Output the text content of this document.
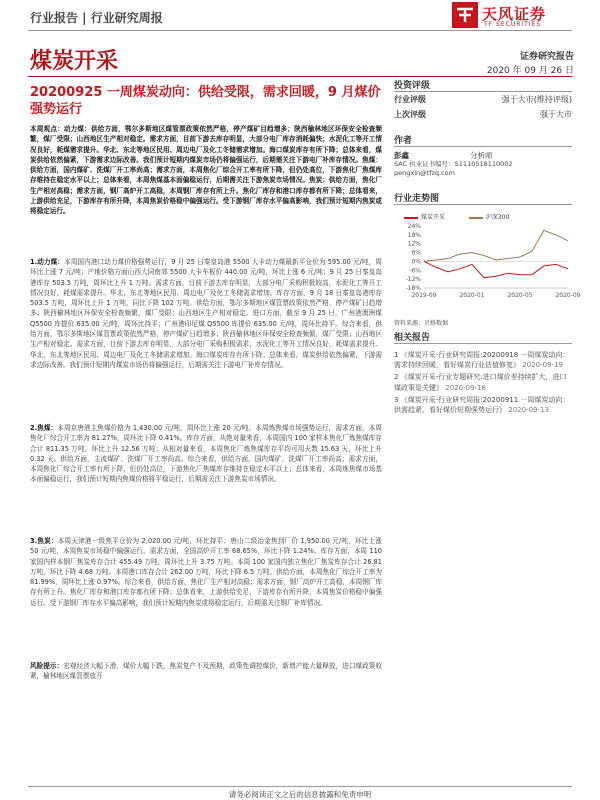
行业报告 | 行业研究周报	天风证券
TF SECURITIES
煤炭开采	证券研究报告
2020 年 09 月 26 日
20200925 一周煤炭动向：供给受限，需求回暖，9 月煤价强势运行
本周观点：动力煤：供给方面，鄂尔多斯地区煤管票政策依然严格，停产煤矿目趋增多；陕西榆林地区环保安全检查频繁，煤厂受限；山西地区生产相对稳定。需求方面，目前下游去库存明显，大部分电厂库存消耗偏快；水泥化工等开工情况良好，耗煤需求提升。华北、东北等地区民用、周边电厂及化工冬储需求增加。海口煤炭库存有所下降；总体来看，煤炭供给依然偏紧，下游需求边际改善。我们预计短期内煤炭市场仍将偏强运行，后期需关注下游电厂补库存情况。焦煤：供给方面，国内煤矿、洗煤厂开工率尚高；需求方面，本周焦化厂综合开工率有所下降，但仍处高位，下游焦化厂焦煤库存维持在稳定水平以上；总体来看，本周焦煤基本面偏稳运行，后期需关注下游焦炭市场情况。焦炭：供给方面，焦化厂生产相对高稳；需求方面，钢厂高炉开工高稳，本周钢厂库存有所上升。焦化厂库存和港口库存都有所下降；总体看来，上游供给充足，下游库存有所升降，本周焦炭价格稳中偏强运行。受下游钢厂库存水平偏高影响，我们预计短期内焦炭或将稳定运行。
1.动力煤：本周国内港口动力煤价格强势运行，9 月 25 日秦皇岛港 5500 大卡动力煤最新平仓价为 595.00 元/吨，周环比上涨 7 元/吨；产地价格方面山西大同南郊 5500 大卡车板价 440.00 元/吨，环比上涨 6 元/吨；9 月 25 日秦皇岛港库存 503.5 万吨，周环比上升 1 万吨。需求方面，目前下游去库存明显，大部分电厂采购积极较高，水泥化工等开工情况良好，耗煤需求提升。华北、东北等地区民用、周边电厂及化工冬储需求增加。库存方面，9 月 18 日秦皇岛港库存 503.5 万吨，周环比上升 1 万吨，同比下降 102 万吨。供给方面，鄂尔多斯地区煤管票政策依然严格，停产煤矿日趋增多；陕西榆林地区环保安全检查频繁，煤厂受限；山西地区生产相对稳定。进口方面，截至 9 月 25 日，广州港澳洲煤 Q5500 库提价 635.00 元/吨，周环比持平；广州港印尼煤 Q5500 库提价 635.00 元/吨，周环比持平。综合来看，供给方面，鄂尔多斯地区煤管票政策依然严格，停产煤矿日趋增多；陕西榆林地区环保安全检查频繁，煤厂受限；山西地区生产相对稳定。需求方面，目前下游去库存明显，大部分电厂采购积极需求，水泥化工等开工情况良好，耗煤需求提升。华北、东北等地区民用、周边电厂及化工冬储需求增加。海口煤炭库存有所下降；总体来看，煤炭供给依然偏紧，下游需求边际改善。我们预计短期内煤炭市场仍将偏强运行，后期需关注下游电厂补库存情况。
2.焦煤：本周京唐港主焦煤价格为 1,430.00 元/吨，周环比上涨 20 元/吨。本周炼焦煤市场强势运行，需求方面，本周焦化厂综合开工率为 81.27%，周环比下降 0.41%。库存方面，从绝对量来看，本周国内 100 家样本焦化厂炼焦煤库存合计 811.35 万吨，环比上升 12.56 万吨；从相对量来看，本周焦化厂炼焦煤库存平均可用天数 15.63 天，环比上升 0.32 天。供给方面，主流煤矿、洗煤厂开工率尚高。综合来看，供给方面，国内煤矿、洗煤厂开工率尚高；需求方面，本周焦化厂综合开工率有所下降，但仍处高位，下游焦化厂焦煤库存维持在稳定水平以上；总体来看，本周炼焦煤市场基本面偏稳运行，我们预计短期内焦煤价格将平稳运行，后期需关注下游焦炭市场情况。
3.焦炭：本周天津港一级焦平仓价为 2,020.00 元/吨，环比持平；唐山二级冶金焦到厂价 1,950.00 元/吨，环比上涨 50 元/吨，本周焦炭市场稳中偏强运行。需求方面，全国高炉开工率 68.65%，环比下降 1.24%。库存方面，本周 110 家国内样本钢厂焦炭库存合计 455.49 万吨，周环比上升 3.75 万吨。本周 100 家国内独立焦化厂焦炭库存合计 26.81 万吨，环比下降 4.68 万吨。本周港口库存合计 262.00 万吨，环比下降 6.5 万吨。供给方面，本周焦化厂综合开工率为 81.99%，周环比上涨 0.97%。综合来看，供给方面，焦化厂生产相对高稳；需求方面，钢厂高炉开工高稳，本周钢厂库存有所上升。焦化厂库存和港口库存都有所下降；总体看来，上游供给充足，下游库存有所升降，本周焦炭价格稳中偏强运行。受下游钢厂库存水平偏高影响，我们预计短期内焦炭或将稳定运行，后期需关注钢厂补库情况。
风险提示：宏观经济大幅下滑，煤价大幅下跌，焦炭复产不及预期，政策性调控煤价，新增产能大量释放，进口煤政策收紧，榆林地区煤管票放开
投资评级
行业评级	强于大市(维持评级)
上次评级	强于大市
作者
彭鑫	分析师
SAC 执业证书编号：S1110518110002
pengxin@tfzq.com
行业走势图
煤炭开采	沪深300
-18%
-12%
-6%
0%
6%
12%
18%
24%
2019-09	2020-01	2020-05	2020-09
资料来源：贝格数据
相关报告
1 《煤炭开采-行业研究周报:20200918 一周煤炭动向：需求持续回暖，看好煤炭行业估值修复》 2020-09-19
2 《煤炭开采-行业专题研究:进口煤价差持续扩大，进口煤政策是关键》 2020-09-18
3 《煤炭开采-行业研究周报:20200911 一周煤炭动向：供需趋紧，看好煤价短期强势运行》 2020-09-13
请务必阅读正文之后的信息披露和免责申明
